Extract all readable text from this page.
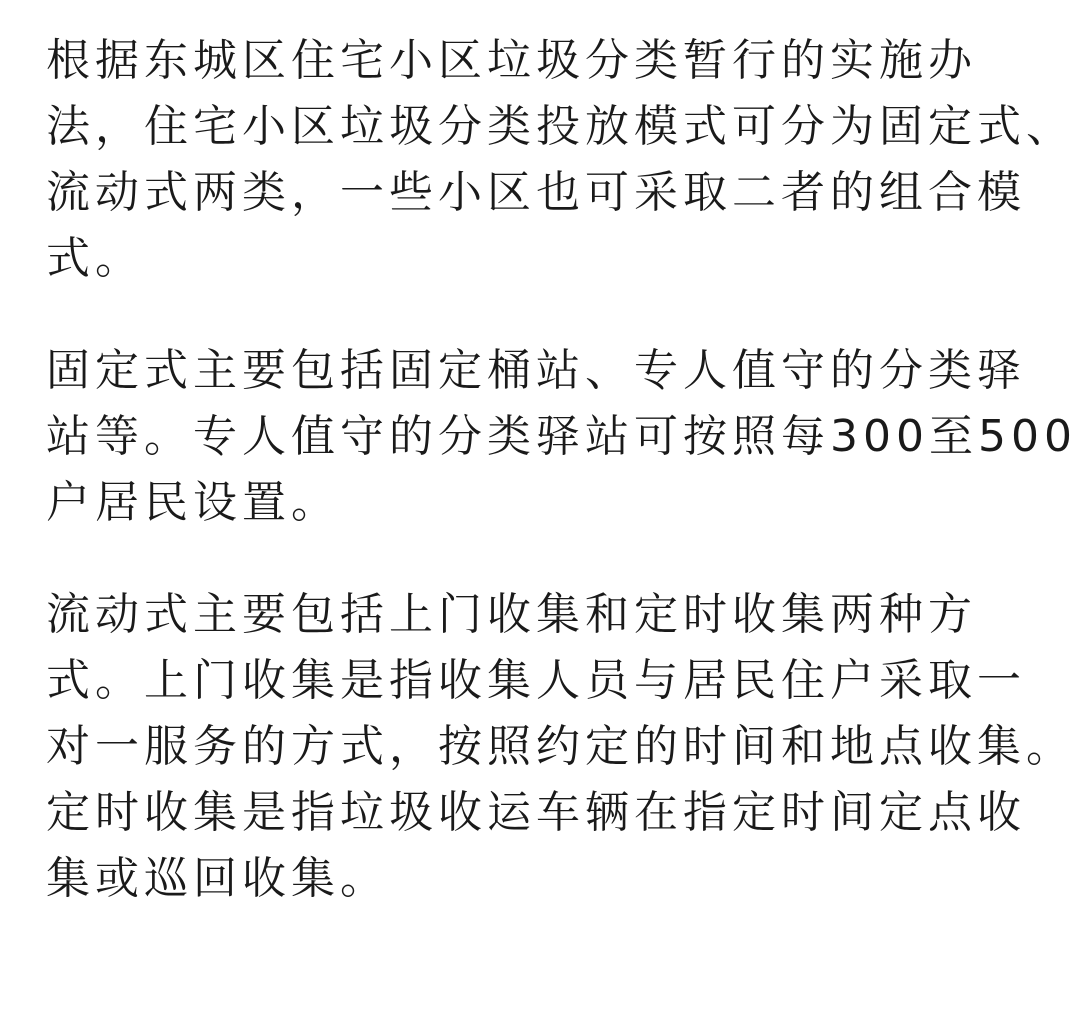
根据东城区住宅小区垃圾分类暂行的实施办
法，住宅小区垃圾分类投放模式可分为固定式、
流动式两类，一些小区也可采取二者的组合模
式。
固定式主要包括固定桶站、专人值守的分类驿
站等。专人值守的分类驿站可按照每300至500
户居民设置。
流动式主要包括上门收集和定时收集两种方
式。上门收集是指收集人员与居民住户采取一
对一服务的方式，按照约定的时间和地点收集。
定时收集是指垃圾收运车辆在指定时间定点收
集或巡回收集。
